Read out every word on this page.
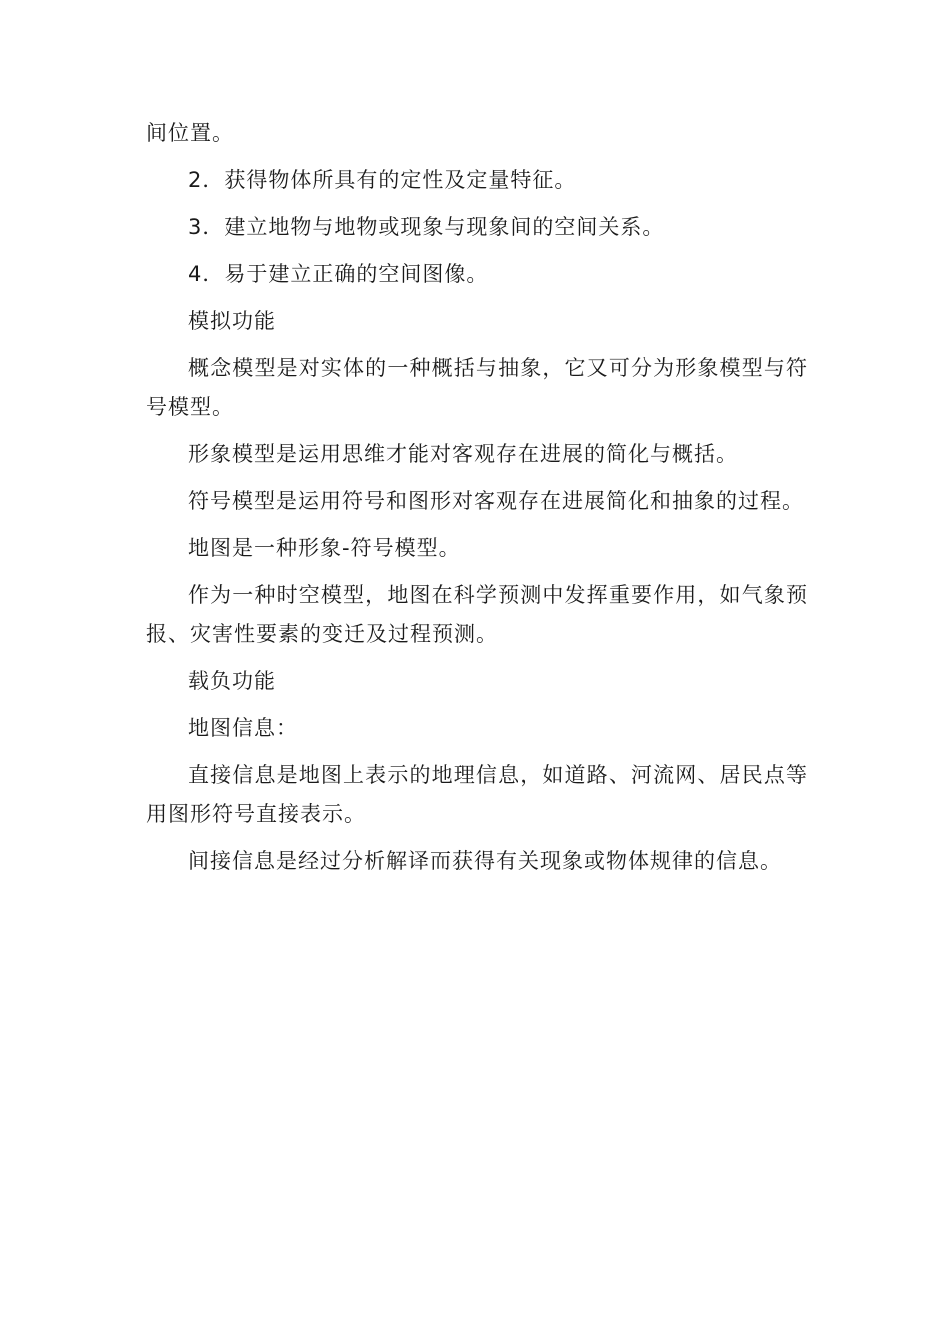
间位置。

2．获得物体所具有的定性及定量特征。

3．建立地物与地物或现象与现象间的空间关系。

4．易于建立正确的空间图像。

模拟功能

概念模型是对实体的一种概括与抽象，它又可分为形象模型与符号模型。

形象模型是运用思维才能对客观存在进展的简化与概括。

符号模型是运用符号和图形对客观存在进展简化和抽象的过程。

地图是一种形象-符号模型。

作为一种时空模型，地图在科学预测中发挥重要作用，如气象预报、灾害性要素的变迁及过程预测。

载负功能

地图信息：

直接信息是地图上表示的地理信息，如道路、河流网、居民点等用图形符号直接表示。

间接信息是经过分析解译而获得有关现象或物体规律的信息。
